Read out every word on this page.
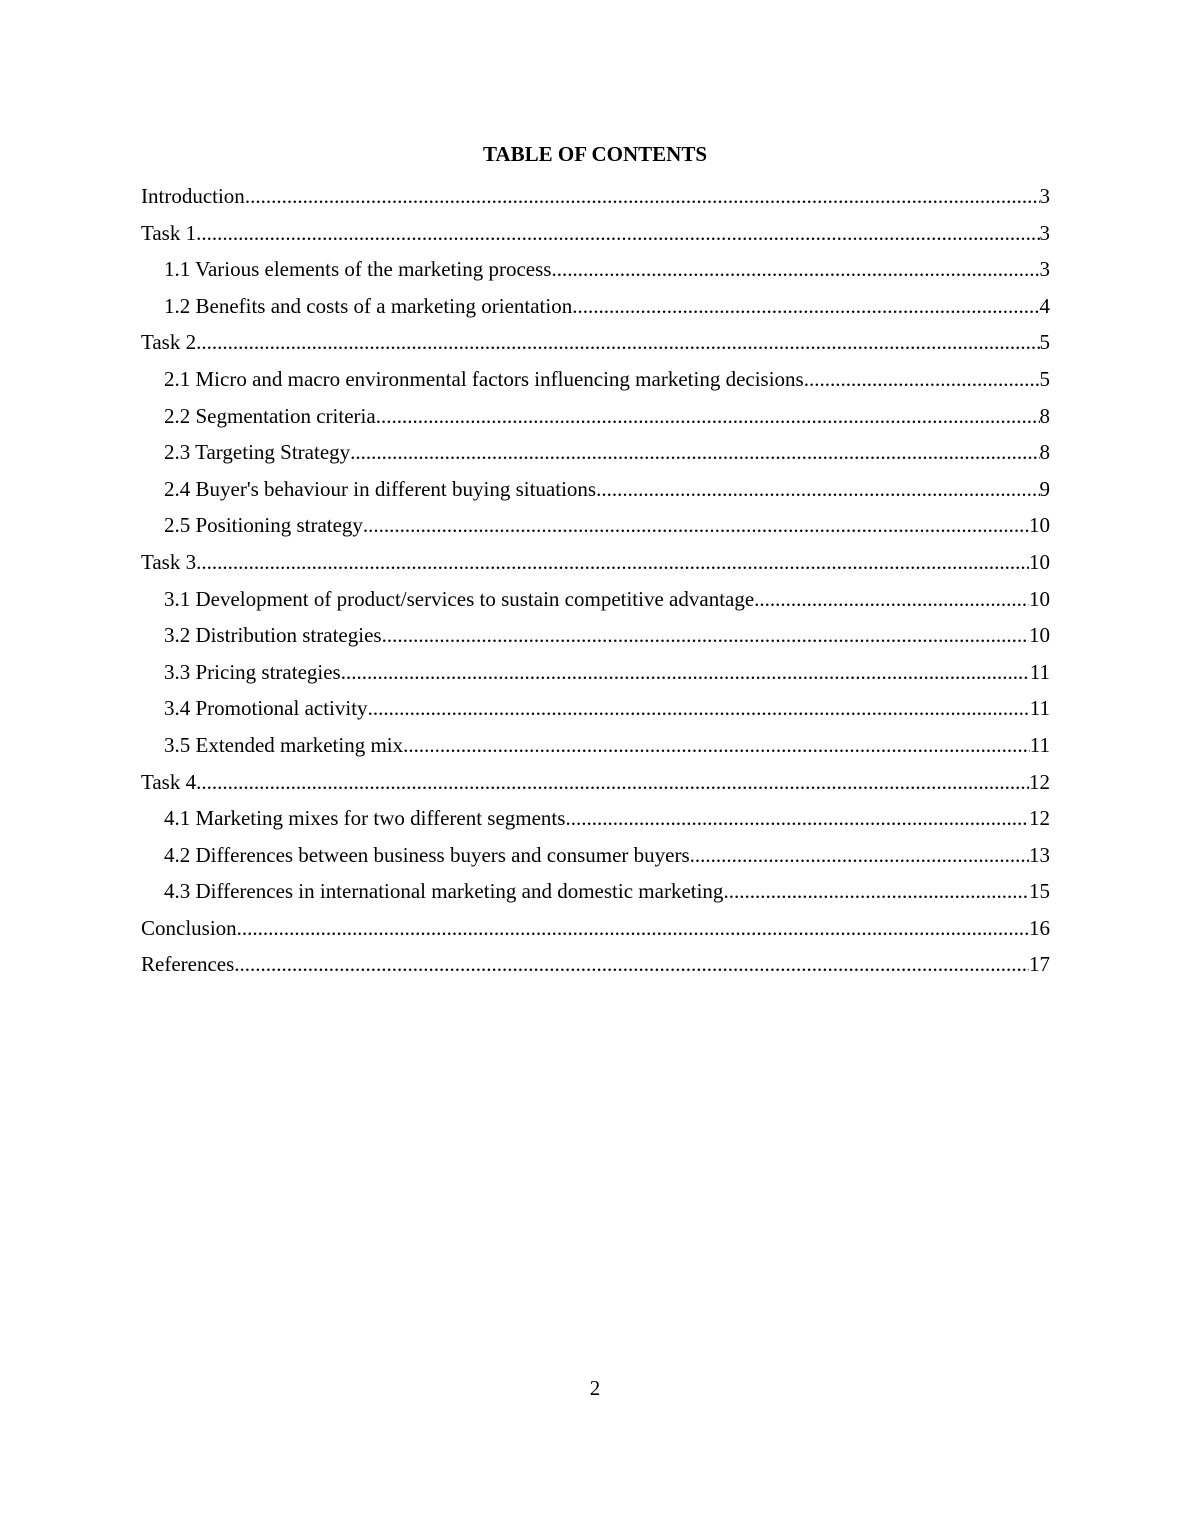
TABLE OF CONTENTS
Introduction .....	3
Task 1 .....	3
1.1 Various elements of the marketing process .....	3
1.2 Benefits and costs of a marketing orientation .....	4
Task 2 .....	5
2.1 Micro and macro environmental factors influencing marketing decisions .....	5
2.2 Segmentation criteria .....	8
2.3 Targeting Strategy .....	8
2.4 Buyer's behaviour in different buying situations .....	9
2.5 Positioning strategy .....	10
Task 3 .....	10
3.1 Development of product/services to sustain competitive advantage .....	10
3.2 Distribution strategies .....	10
3.3 Pricing strategies .....	11
3.4 Promotional activity .....	11
3.5 Extended marketing mix .....	11
Task 4 .....	12
4.1 Marketing mixes for two different segments .....	12
4.2 Differences between business buyers and consumer buyers .....	13
4.3 Differences in international marketing and domestic marketing .....	15
Conclusion .....	16
References .....	17
2
